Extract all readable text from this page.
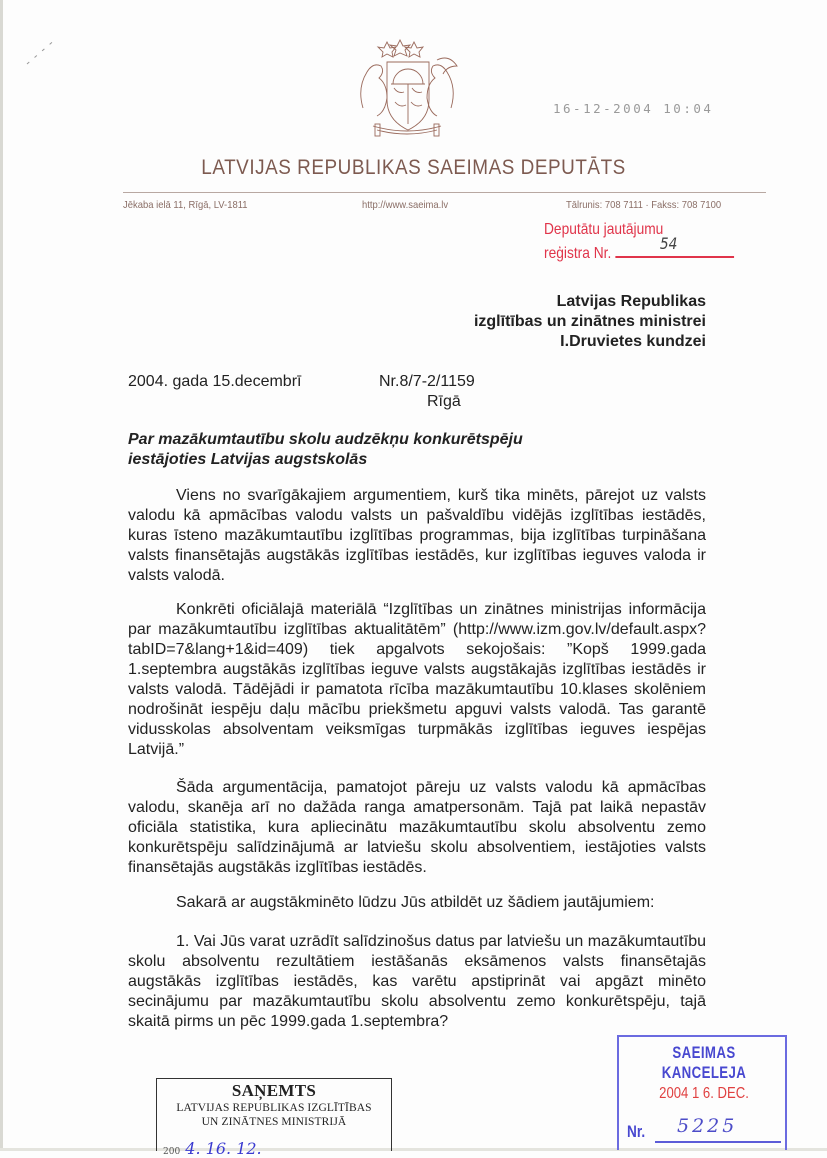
16-12-2004 10:04
LATVIJAS REPUBLIKAS SAEIMAS DEPUTĀTS
Jēkaba ielā 11, Rīgā, LV-1811	http://www.saeima.lv	Tālrunis: 708 7111 · Fakss: 708 7100
Deputātu jautājumu
reģistra Nr.
54
Latvijas Republikas
izglītības un zinātnes ministrei
I.Druvietes kundzei
2004. gada 15.decembrī	Nr.8/7-2/1159
Rīgā
Par mazākumtautību skolu audzēkņu konkurētspēju
iestājoties Latvijas augstskolās

Viens no svarīgākajiem argumentiem, kurš tika minēts, pārejot uz valsts valodu kā apmācības valodu valsts un pašvaldību vidējās izglītības iestādēs, kuras īsteno mazākumtautību izglītības programmas, bija izglītības turpināšana valsts finansētajās augstākās izglītības iestādēs, kur izglītības ieguves valoda ir valsts valodā.

Konkrēti oficiālajā materiālā “Izglītības un zinātnes ministrijas informācija par mazākumtautību izglītības aktualitātēm” (http://www.izm.gov.lv/default.aspx?tabID=7&lang+1&id=409) tiek apgalvots sekojošais: ”Kopš 1999.gada 1.septembra augstākās izglītības ieguve valsts augstākajās izglītības iestādēs ir valsts valodā. Tādējādi ir pamatota rīcība mazākumtautību 10.klases skolēniem nodrošināt iespēju daļu mācību priekšmetu apguvi valsts valodā. Tas garantē vidusskolas absolventam veiksmīgas turpmākās izglītības ieguves iespējas Latvijā.”

Šāda argumentācija, pamatojot pāreju uz valsts valodu kā apmācības valodu, skanēja arī no dažāda ranga amatpersonām. Tajā pat laikā nepastāv oficiāla statistika, kura apliecinātu mazākumtautību skolu absolventu zemo konkurētspēju salīdzinājumā ar latviešu skolu absolventiem, iestājoties valsts finansētajās augstākās izglītības iestādēs.

Sakarā ar augstākminēto lūdzu Jūs atbildēt uz šādiem jautājumiem:

1. Vai Jūs varat uzrādīt salīdzinošus datus par latviešu un mazākumtautību skolu absolventu rezultātiem iestāšanās eksāmenos valsts finansētajās augstākās izglītības iestādēs, kas varētu apstiprināt vai apgāzt minēto secinājumu par mazākumtautību skolu absolventu zemo konkurētspēju, tajā skaitā pirms un pēc 1999.gada 1.septembra?

SAEIMAS KANCELEJA
2004 1 6. DEC.
Nr. 5225
SAŅEMTS
LATVIJAS REPUBLIKAS IZGLĪTĪBAS
UN ZINĀTNES MINISTRIJĀ
200 4. 16. 12.
